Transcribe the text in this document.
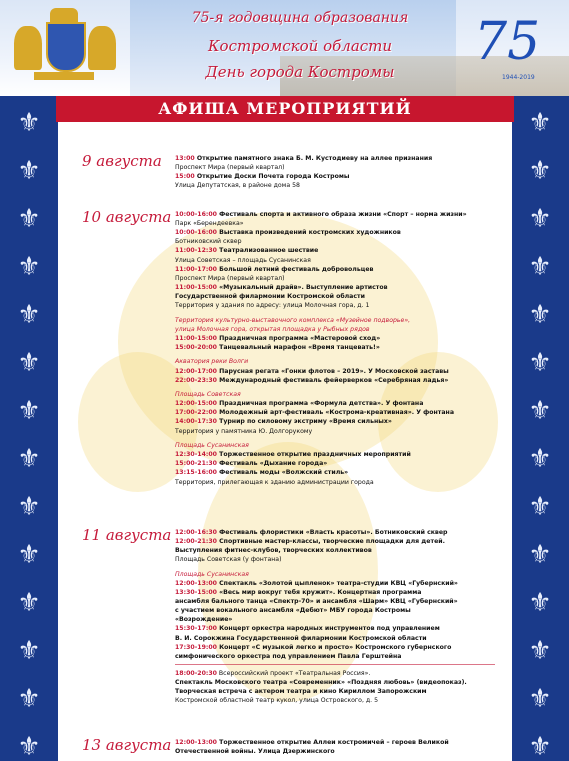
⚜
⚜
⚜
⚜
⚜
⚜
⚜
⚜
⚜
⚜
⚜
⚜
⚜
⚜
⚜
⚜
⚜
⚜
⚜
⚜
⚜
⚜
⚜
⚜
⚜
⚜
⚜
⚜
75-я годовщина образования
Костромской области
День города Костромы	75
1944-2019
АФИША МЕРОПРИЯТИЙ
9 августа 13:00 Открытие памятного знака Б. М. Кустодиеву на аллее признания
Проспект Мира (первый квартал)
15:00 Открытие Доски Почета города Костромы
Улица Депутатская, в районе дома 58
10 августа 10:00-16:00 Фестиваль спорта и активного образа жизни «Спорт – норма жизни»
Парк «Берендеевка»
10:00-16:00 Выставка произведений костромских художников
Ботниковский сквер
11:00-12:30 Театрализованное шествие
Улица Советская – площадь Сусанинская
11:00-17:00 Большой летний фестиваль добровольцев
Проспект Мира (первый квартал)
11:00-15:00 «Музыкальный драйв». Выступление артистов
Государственной филармонии Костромской области
Территория у здания по адресу: улица Молочная гора, д. 1
Территория культурно-выставочного комплекса «Музейное подворье»,
улица Молочная гора, открытая площадка у Рыбных рядов
11:00-15:00 Праздничная программа «Мастеровой сход»
15:00-20:00 Танцевальный марафон «Время танцевать!»
Акватория реки Волги
12:00-17:00 Парусная регата «Гонки флотов – 2019». У Московской заставы
22:00-23:30 Международный фестиваль фейерверков «Серебряная ладья»
Площадь Советская
12:00-15:00 Праздничная программа «Формула детства». У фонтана
17:00-22:00 Молодежный арт-фестиваль «Кострома-креативная». У фонтана
14:00-17:30 Турнир по силовому экстриму «Время сильных»
Территория у памятника Ю. Долгорукому
Площадь Сусанинская
12:30-14:00 Торжественное открытие праздничных мероприятий
15:00-21:30 Фестиваль «Дыхание города»
13:15-16:00 Фестиваль моды «Волжский стиль»
Территория, прилегающая к зданию администрации города
11 августа 12:00-16:30 Фестиваль флористики «Власть красоты». Ботниковский сквер
12:00-21:30 Спортивные мастер-классы, творческие площадки для детей.
Выступления фитнес-клубов, творческих коллективов
Площадь Советская (у фонтана)
Площадь Сусанинская
12:00-13:00 Спектакль «Золотой цыпленок» театра-студии КВЦ «Губернский»
13:30-15:00 «Весь мир вокруг тебя кружит». Концертная программа
ансамбля бального танца «Спектр-70» и ансамбля «Шарм» КВЦ «Губернский»
с участием вокального ансамбля «Дебют» МБУ города Костромы
«Возрождение»
15:30-17:00 Концерт оркестра народных инструментов под управлением
В. И. Сорокжина Государственной филармонии Костромской области
17:30-19:00 Концерт «С музыкой легко и просто» Костромского губернского
симфонического оркестра под управлением Павла Герштейна
18:00-20:30 Всероссийский проект «Театральная Россия».
Спектакль Московского театра «Современник» «Поздняя любовь» (видеопоказ).
Творческая встреча с актером театра и кино Кириллом Запорожским
Костромской областной театр кукол, улица Островского, д. 5
13 августа 12:00-13:00 Торжественное открытие Аллеи костромичей – героев Великой
Отечественной войны. Улица Дзержинского
